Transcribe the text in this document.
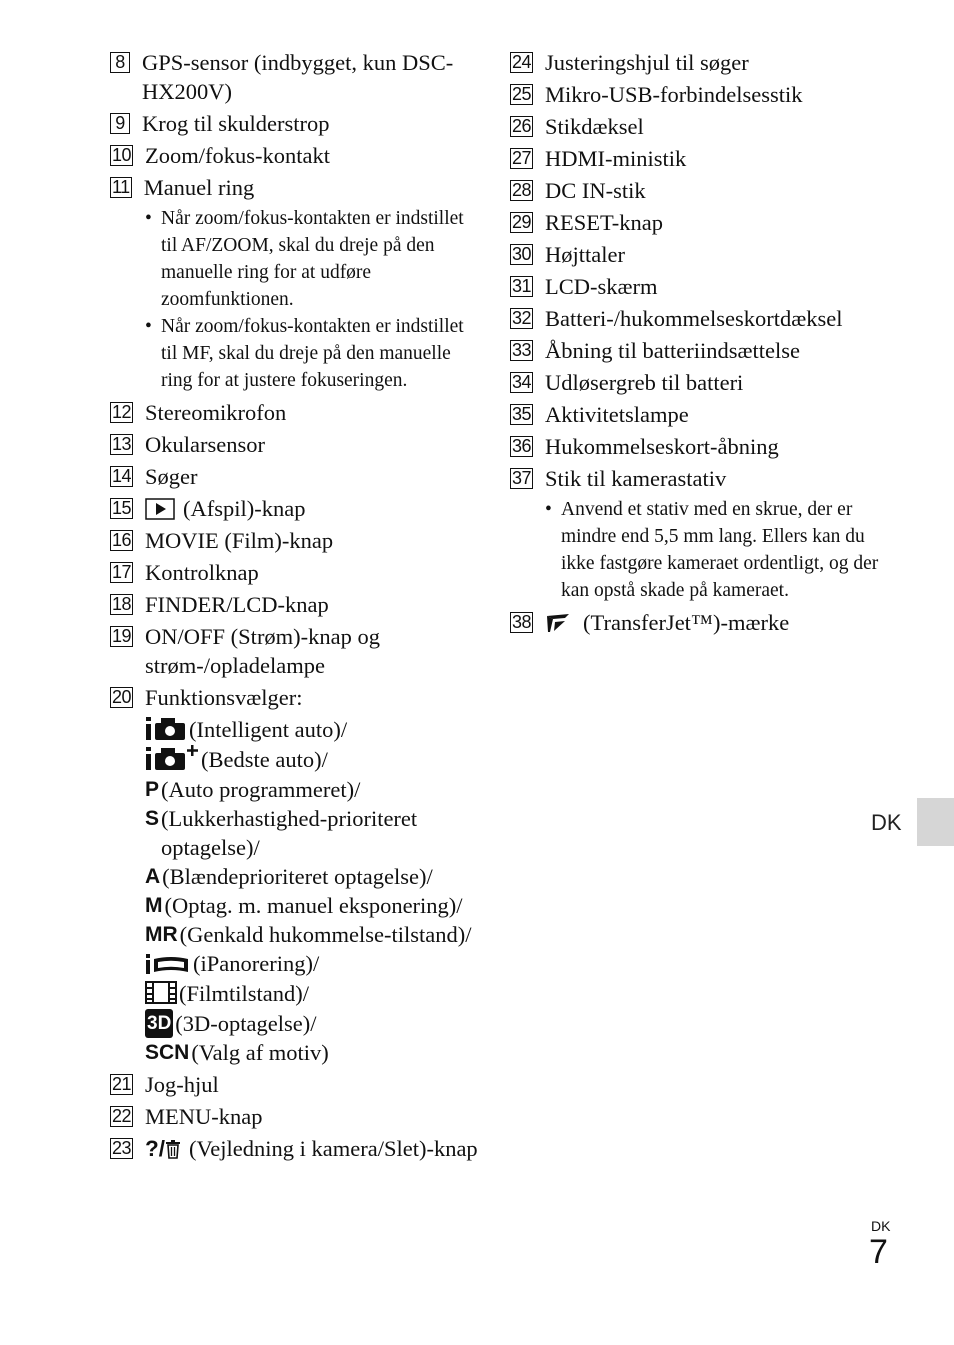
8 GPS-sensor (indbygget, kun DSC-HX200V)
9 Krog til skulderstrop
10 Zoom/fokus-kontakt
11 Manuel ring
• Når zoom/fokus-kontakten er indstillet til AF/ZOOM, skal du dreje på den manuelle ring for at udføre zoomfunktionen.
• Når zoom/fokus-kontakten er indstillet til MF, skal du dreje på den manuelle ring for at justere fokuseringen.
12 Stereomikrofon
13 Okularsensor
14 Søger
15	(Afspil)-knap
16 MOVIE (Film)-knap
17 Kontrolknap
18 FINDER/LCD-knap
19 ON/OFF (Strøm)-knap og strøm-/opladelampe
20 Funktionsvælger:
(Intelligent auto)/
(Bedste auto)/
P (Auto programmeret)/
S (Lukkerhastighed-prioriteret optagelse)/
A (Blændeprioriteret optagelse)/
M (Optag. m. manuel eksponering)/
MR (Genkald hukommelse-tilstand)/
(iPanorering)/
(Filmtilstand)/
3D (3D-optagelse)/
SCN (Valg af motiv)
21 Jog-hjul
22 MENU-knap
23 ?/ (Vejledning i kamera/Slet)-knap
24 Justeringshjul til søger
25 Mikro-USB-forbindelsesstik
26 Stikdæksel
27 HDMI-ministik
28 DC IN-stik
29 RESET-knap
30 Højttaler
31 LCD-skærm
32 Batteri-/hukommelseskortdæksel
33 Åbning til batteriindsættelse
34 Udløsergreb til batteri
35 Aktivitetslampe
36 Hukommelseskort-åbning
37 Stik til kamerastativ
• Anvend et stativ med en skrue, der er mindre end 5,5 mm lang. Ellers kan du ikke fastgøre kameraet ordentligt, og der kan opstå skade på kameraet.
38	(TransferJet™)-mærke
DK
DK
7
